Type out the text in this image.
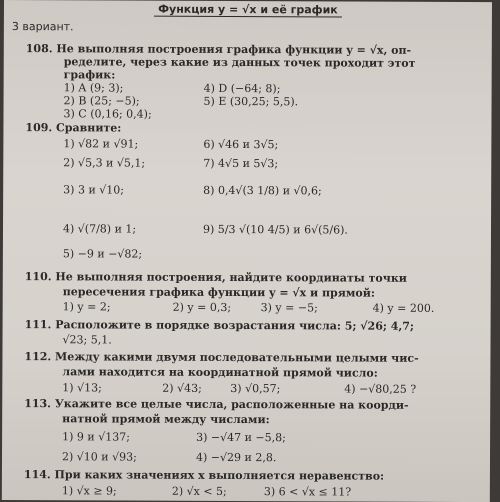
Функция y = √x и её график
3 вариант.
108. Не выполняя построения графика функции y = √x, оп-
ределите, через какие из данных точек проходит этот
график:
1) A (9; 3);	4) D (−64; 8);
2) B (25; −5);	5) E (30,25; 5,5).
3) C (0,16; 0,4);
109. Сравните:
1) √82 и √91;	6) √46 и 3√5;
2) √5,3 и √5,1;	7) 4√5 и 5√3;
3) 3 и √10;	8) 0,4√(3 1/8) и √0,6;
4) √(7/8) и 1;	9) 5/3 √(10 4/5) и 6√(5/6).
5) −9 и −√82;
110. Не выполняя построения, найдите координаты точки
пересечения графика функции y = √x и прямой:
1) y = 2;	2) y = 0,3;	3) y = −5;	4) y = 200.
111. Расположите в порядке возрастания числа: 5; √26; 4,7;
√23; 5,1.
112. Между какими двумя последовательными целыми чис-
лами находится на координатной прямой число:
1) √13;	2) √43;	3) √0,57;	4) −√80,25 ?
113. Укажите все целые числа, расположенные на коорди-
натной прямой между числами:
1) 9 и √137;	3) −√47 и −5,8;
2) √10 и √93;	4) −√29 и 2,8.
114. При каких значениях x выполняется неравенство:
1) √x ≥ 9;	2) √x < 5;	3) 6 < √x ≤ 11?
